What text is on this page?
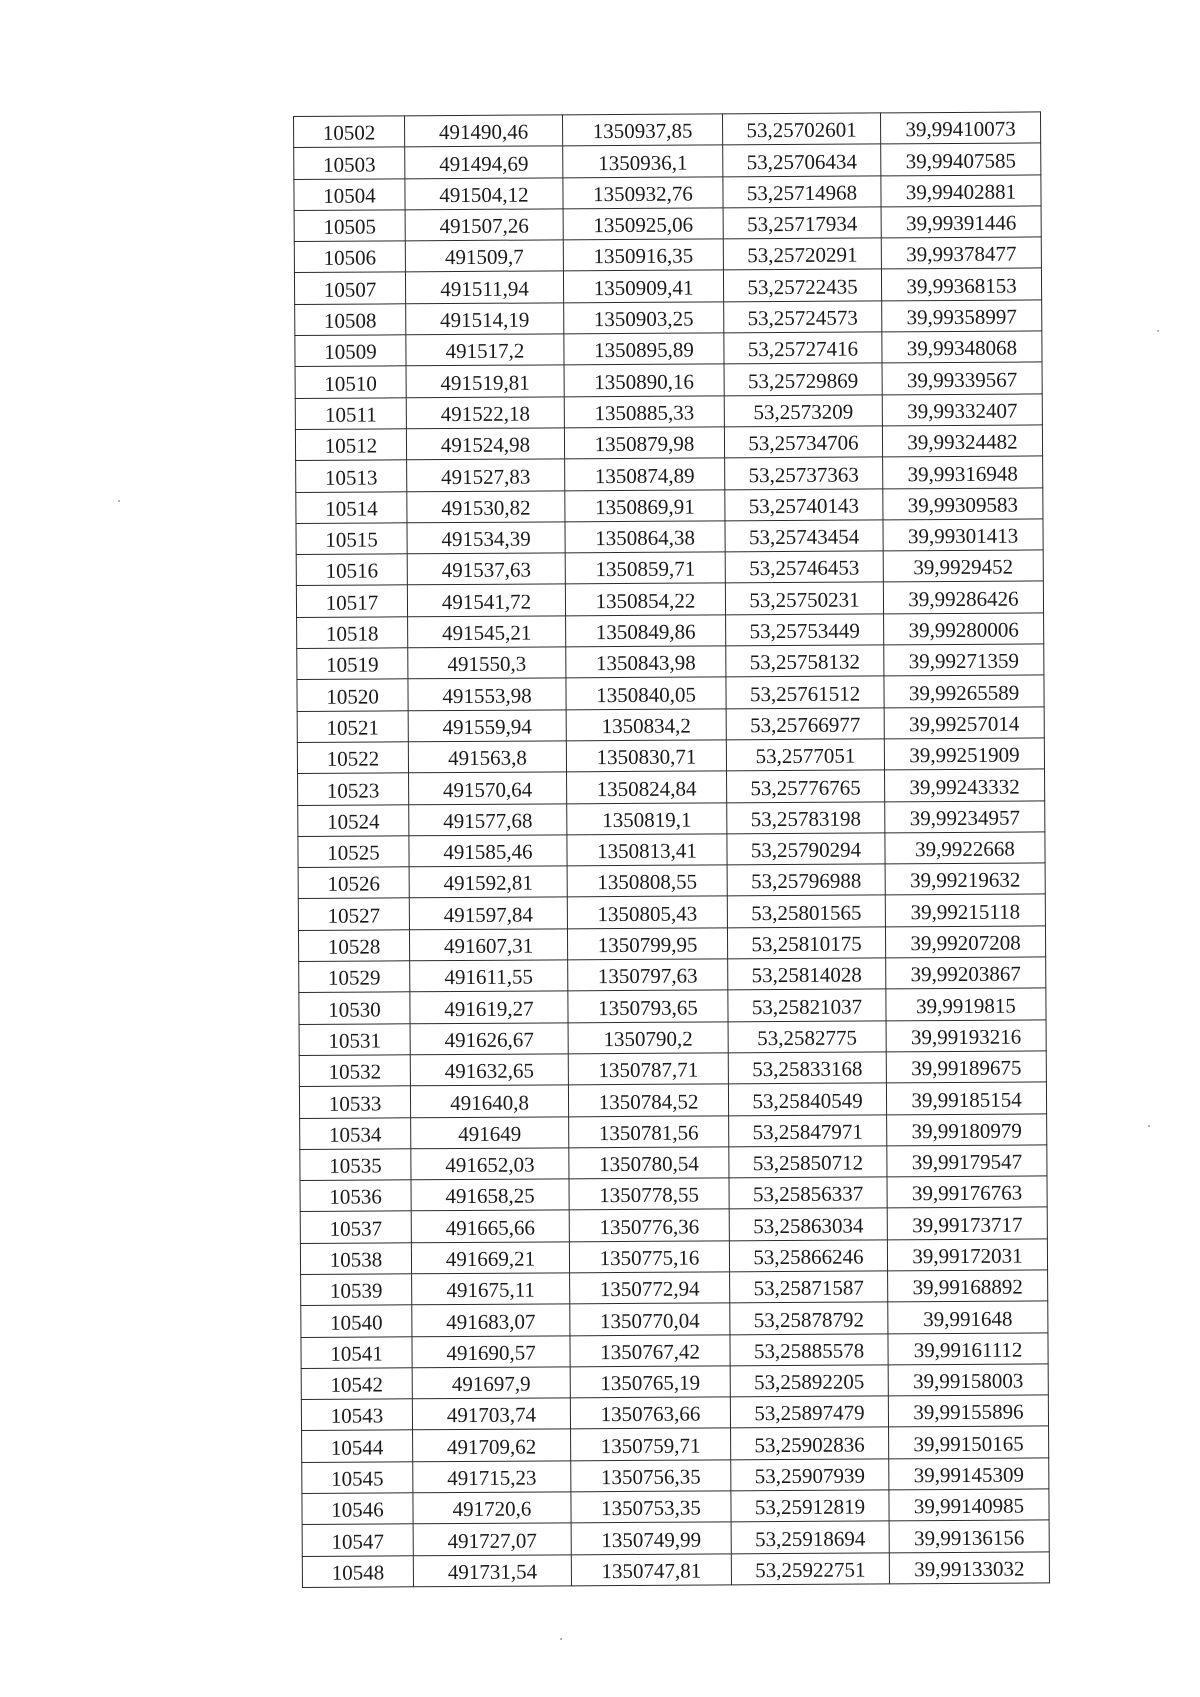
10502	491490,46	1350937,85	53,25702601	39,99410073
10503	491494,69	1350936,1	53,25706434	39,99407585
10504	491504,12	1350932,76	53,25714968	39,99402881
10505	491507,26	1350925,06	53,25717934	39,99391446
10506	491509,7	1350916,35	53,25720291	39,99378477
10507	491511,94	1350909,41	53,25722435	39,99368153
10508	491514,19	1350903,25	53,25724573	39,99358997
10509	491517,2	1350895,89	53,25727416	39,99348068
10510	491519,81	1350890,16	53,25729869	39,99339567
10511	491522,18	1350885,33	53,2573209	39,99332407
10512	491524,98	1350879,98	53,25734706	39,99324482
10513	491527,83	1350874,89	53,25737363	39,99316948
10514	491530,82	1350869,91	53,25740143	39,99309583
10515	491534,39	1350864,38	53,25743454	39,99301413
10516	491537,63	1350859,71	53,25746453	39,9929452
10517	491541,72	1350854,22	53,25750231	39,99286426
10518	491545,21	1350849,86	53,25753449	39,99280006
10519	491550,3	1350843,98	53,25758132	39,99271359
10520	491553,98	1350840,05	53,25761512	39,99265589
10521	491559,94	1350834,2	53,25766977	39,99257014
10522	491563,8	1350830,71	53,2577051	39,99251909
10523	491570,64	1350824,84	53,25776765	39,99243332
10524	491577,68	1350819,1	53,25783198	39,99234957
10525	491585,46	1350813,41	53,25790294	39,9922668
10526	491592,81	1350808,55	53,25796988	39,99219632
10527	491597,84	1350805,43	53,25801565	39,99215118
10528	491607,31	1350799,95	53,25810175	39,99207208
10529	491611,55	1350797,63	53,25814028	39,99203867
10530	491619,27	1350793,65	53,25821037	39,9919815
10531	491626,67	1350790,2	53,2582775	39,99193216
10532	491632,65	1350787,71	53,25833168	39,99189675
10533	491640,8	1350784,52	53,25840549	39,99185154
10534	491649	1350781,56	53,25847971	39,99180979
10535	491652,03	1350780,54	53,25850712	39,99179547
10536	491658,25	1350778,55	53,25856337	39,99176763
10537	491665,66	1350776,36	53,25863034	39,99173717
10538	491669,21	1350775,16	53,25866246	39,99172031
10539	491675,11	1350772,94	53,25871587	39,99168892
10540	491683,07	1350770,04	53,25878792	39,991648
10541	491690,57	1350767,42	53,25885578	39,99161112
10542	491697,9	1350765,19	53,25892205	39,99158003
10543	491703,74	1350763,66	53,25897479	39,99155896
10544	491709,62	1350759,71	53,25902836	39,99150165
10545	491715,23	1350756,35	53,25907939	39,99145309
10546	491720,6	1350753,35	53,25912819	39,99140985
10547	491727,07	1350749,99	53,25918694	39,99136156
10548	491731,54	1350747,81	53,25922751	39,99133032
